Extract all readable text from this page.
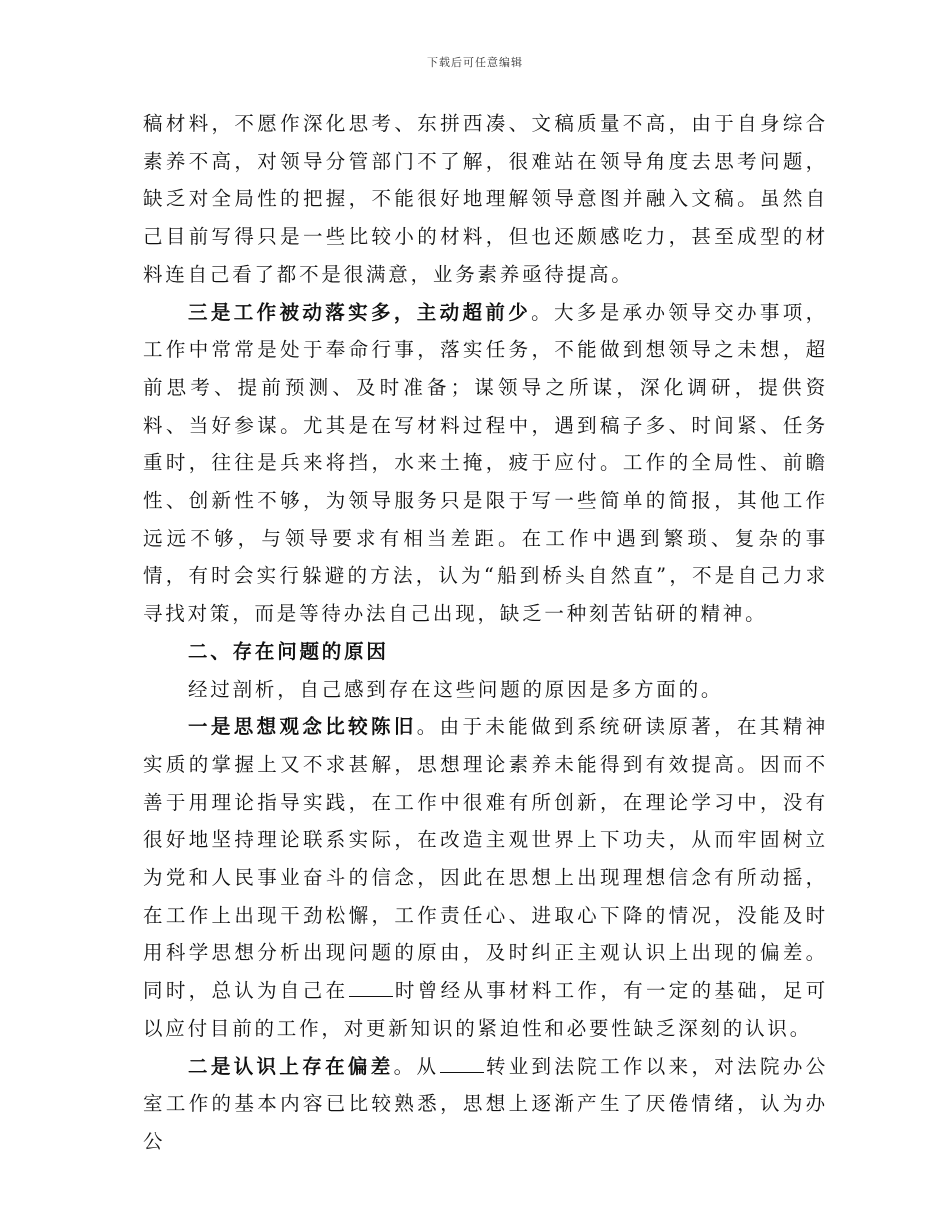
下载后可任意编辑

稿材料，不愿作深化思考、东拼西凑、文稿质量不高，由于自身综合素养不高，对领导分管部门不了解，很难站在领导角度去思考问题，缺乏对全局性的把握，不能很好地理解领导意图并融入文稿。虽然自己目前写得只是一些比较小的材料，但也还颇感吃力，甚至成型的材料连自己看了都不是很满意，业务素养亟待提高。

三是工作被动落实多，主动超前少。大多是承办领导交办事项，工作中常常是处于奉命行事，落实任务，不能做到想领导之未想，超前思考、提前预测、及时准备；谋领导之所谋，深化调研，提供资料、当好参谋。尤其是在写材料过程中，遇到稿子多、时间紧、任务重时，往往是兵来将挡，水来土掩，疲于应付。工作的全局性、前瞻性、创新性不够，为领导服务只是限于写一些简单的简报，其他工作远远不够，与领导要求有相当差距。在工作中遇到繁琐、复杂的事情，有时会实行躲避的方法，认为“船到桥头自然直”，不是自己力求寻找对策，而是等待办法自己出现，缺乏一种刻苦钻研的精神。

二、存在问题的原因

经过剖析，自己感到存在这些问题的原因是多方面的。

一是思想观念比较陈旧。由于未能做到系统研读原著，在其精神实质的掌握上又不求甚解，思想理论素养未能得到有效提高。因而不善于用理论指导实践，在工作中很难有所创新，在理论学习中，没有很好地坚持理论联系实际，在改造主观世界上下功夫，从而牢固树立为党和人民事业奋斗的信念，因此在思想上出现理想信念有所动摇，在工作上出现干劲松懈，工作责任心、进取心下降的情况，没能及时用科学思想分析出现问题的原由，及时纠正主观认识上出现的偏差。同时，总认为自己在 时曾经从事材料工作，有一定的基础，足可以应付目前的工作，对更新知识的紧迫性和必要性缺乏深刻的认识。

二是认识上存在偏差。从 转业到法院工作以来，对法院办公室工作的基本内容已比较熟悉，思想上逐渐产生了厌倦情绪，认为办公
